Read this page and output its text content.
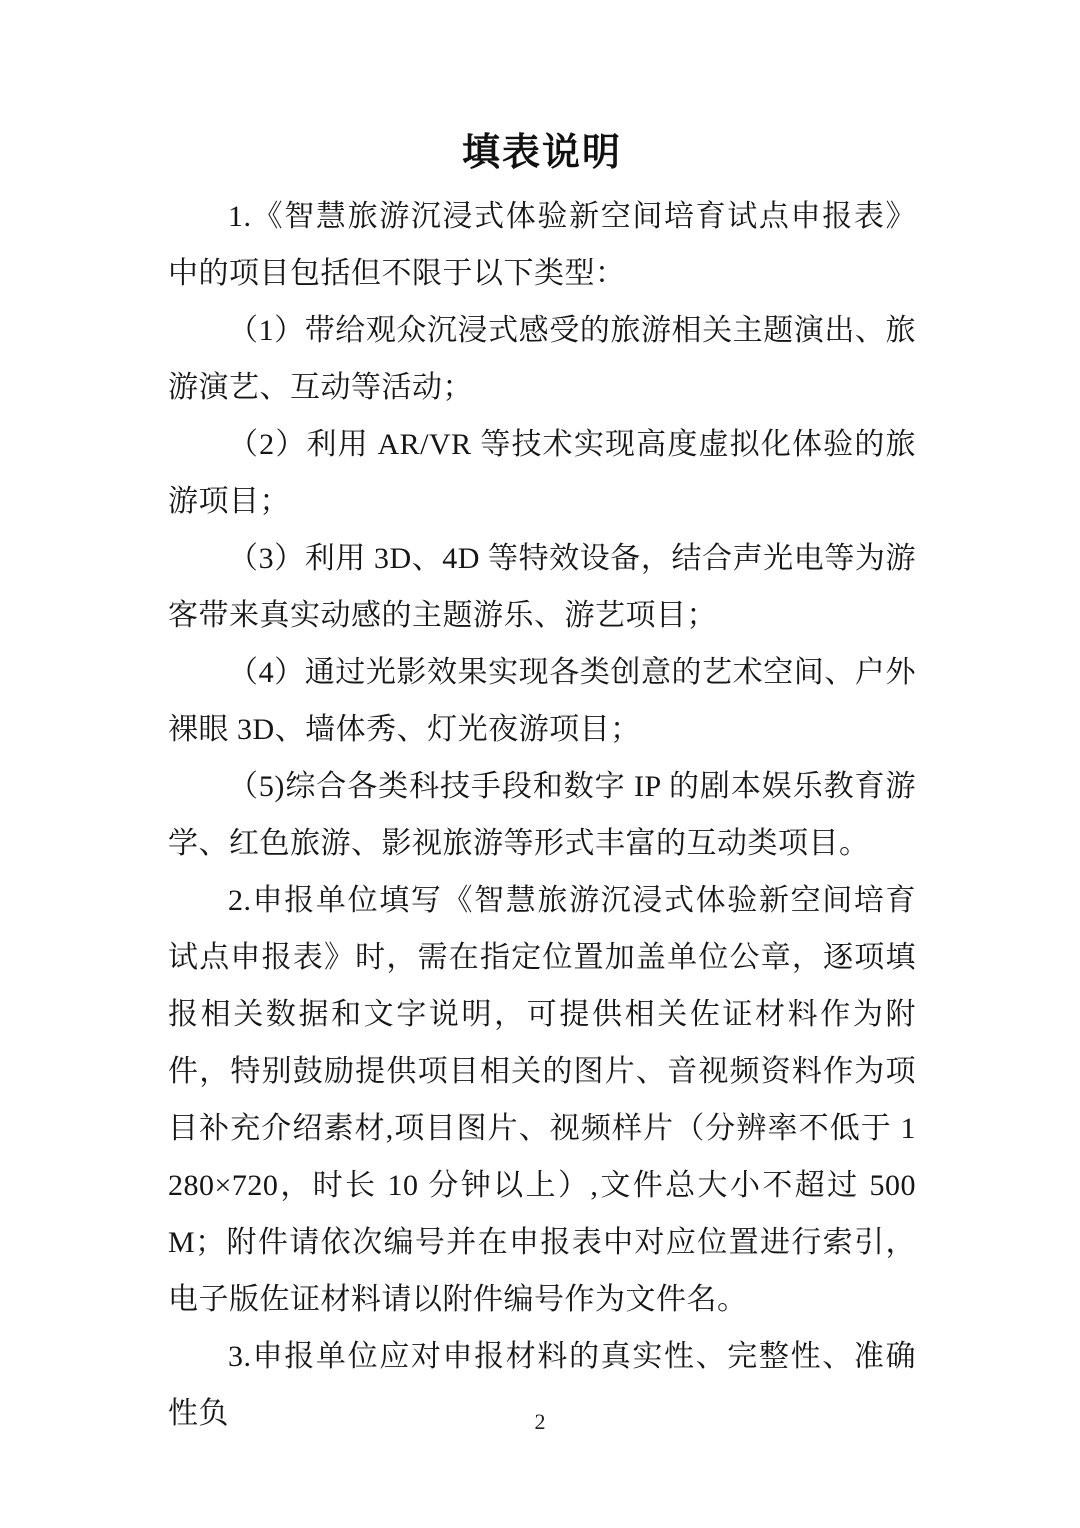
填表说明

1.《智慧旅游沉浸式体验新空间培育试点申报表》中的项目包括但不限于以下类型：

（1）带给观众沉浸式感受的旅游相关主题演出、旅游演艺、互动等活动；

（2）利用 AR/VR 等技术实现高度虚拟化体验的旅游项目；

（3）利用 3D、4D 等特效设备，结合声光电等为游客带来真实动感的主题游乐、游艺项目；

（4）通过光影效果实现各类创意的艺术空间、户外裸眼 3D、墙体秀、灯光夜游项目；

（5)综合各类科技手段和数字 IP 的剧本娱乐教育游学、红色旅游、影视旅游等形式丰富的互动类项目。

2.申报单位填写《智慧旅游沉浸式体验新空间培育试点申报表》时，需在指定位置加盖单位公章，逐项填报相关数据和文字说明，可提供相关佐证材料作为附件，特别鼓励提供项目相关的图片、音视频资料作为项目补充介绍素材,项目图片、视频样片（分辨率不低于 1280×720，时长 10 分钟以上）,文件总大小不超过 500M；附件请依次编号并在申报表中对应位置进行索引，电子版佐证材料请以附件编号作为文件名。

3.申报单位应对申报材料的真实性、完整性、准确性负	2
